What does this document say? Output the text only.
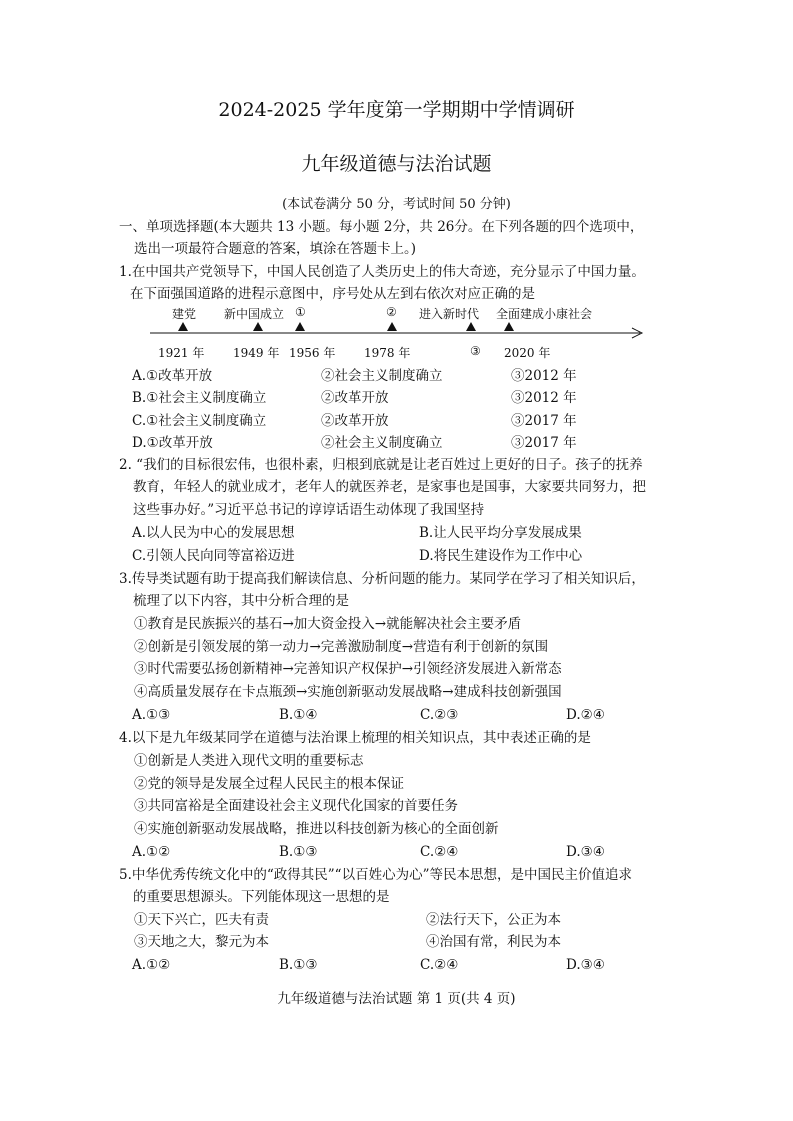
2024-2025 学年度第一学期期中学情调研
九年级道德与法治试题
(本试卷满分 50 分，考试时间 50 分钟)
一、单项选择题(本大题共 13 小题。每小题 2分，共 26分。在下列各题的四个选项中，
选出一项最符合题意的答案，填涂在答题卡上。)
1.在中国共产党领导下，中国人民创造了人类历史上的伟大奇迹，充分显示了中国力量。
在下面强国道路的进程示意图中，序号处从左到右依次对应正确的是
建党 新中国成立 ①	② 进入新时代 全面建成小康社会
1921 年 1949 年 1956 年 1978 年	③ 2020 年
A.①改革开放	②社会主义制度确立	③2012 年
B.①社会主义制度确立	②改革开放	③2012 年
C.①社会主义制度确立	②改革开放	③2017 年
D.①改革开放	②社会主义制度确立	③2017 年
2. “我们的目标很宏伟，也很朴素，归根到底就是让老百姓过上更好的日子。孩子的抚养
教育，年轻人的就业成才，老年人的就医养老，是家事也是国事，大家要共同努力，把
这些事办好。”习近平总书记的谆谆话语生动体现了我国坚持
A.以人民为中心的发展思想	B.让人民平均分享发展成果
C.引领人民向同等富裕迈进	D.将民生建设作为工作中心
3.传导类试题有助于提高我们解读信息、分析问题的能力。某同学在学习了相关知识后，
梳理了以下内容，其中分析合理的是
①教育是民族振兴的基石→加大资金投入→就能解决社会主要矛盾
②创新是引领发展的第一动力→完善激励制度→营造有利于创新的氛围
③时代需要弘扬创新精神→完善知识产权保护→引领经济发展进入新常态
④高质量发展存在卡点瓶颈→实施创新驱动发展战略→建成科技创新强国
A.①③	B.①④	C.②③	D.②④
4.以下是九年级某同学在道德与法治课上梳理的相关知识点，其中表述正确的是
①创新是人类进入现代文明的重要标志
②党的领导是发展全过程人民民主的根本保证
③共同富裕是全面建设社会主义现代化国家的首要任务
④实施创新驱动发展战略，推进以科技创新为核心的全面创新
A.①②	B.①③	C.②④	D.③④
5.中华优秀传统文化中的“政得其民”“以百姓心为心”等民本思想，是中国民主价值追求
的重要思想源头。下列能体现这一思想的是
①天下兴亡，匹夫有责	②法行天下，公正为本
③天地之大，黎元为本	④治国有常，利民为本
A.①②	B.①③	C.②④	D.③④
九年级道德与法治试题 第 1 页(共 4 页)
